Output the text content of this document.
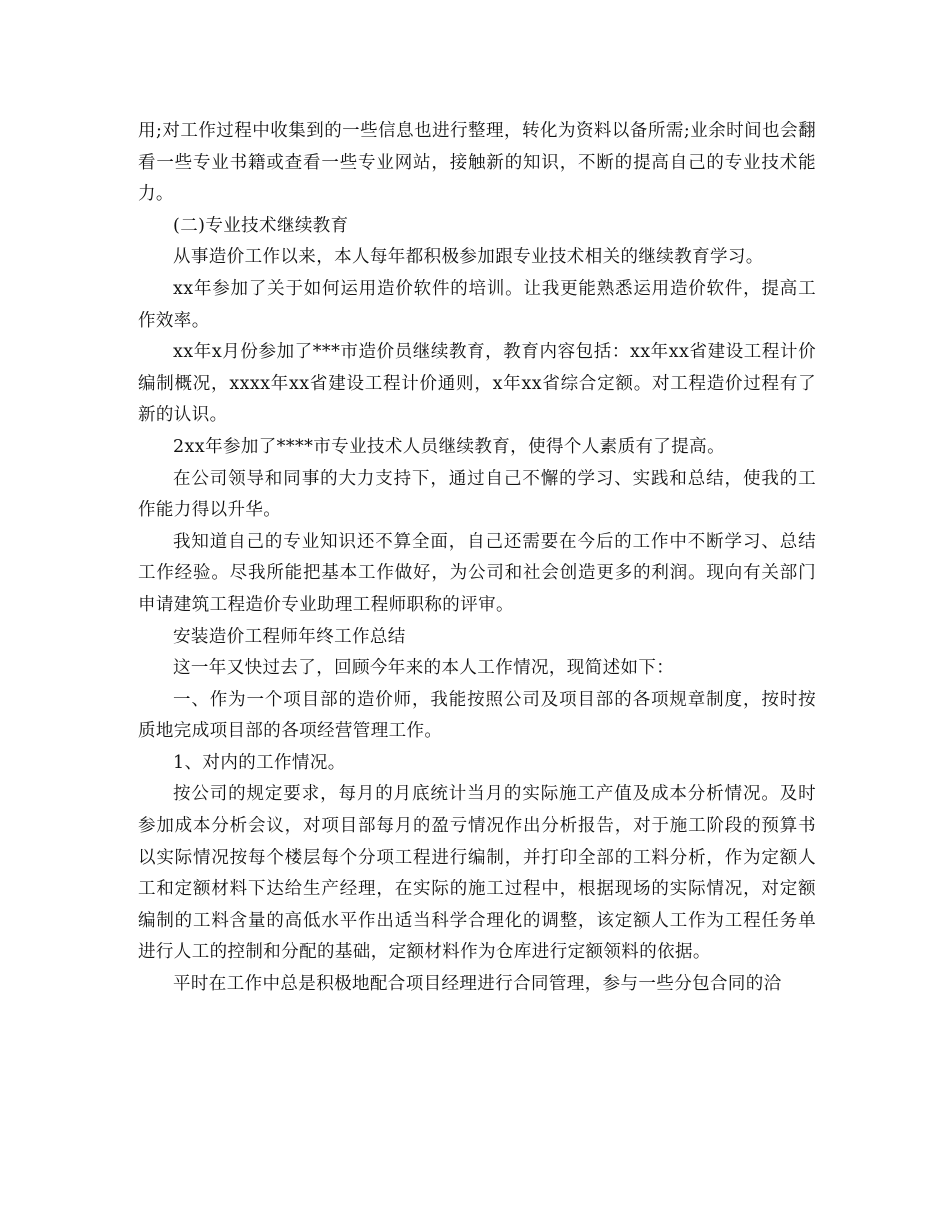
用;对工作过程中收集到的一些信息也进行整理，转化为资料以备所需;业余时间也会翻看一些专业书籍或查看一些专业网站，接触新的知识，不断的提高自己的专业技术能力。

(二)专业技术继续教育

从事造价工作以来，本人每年都积极参加跟专业技术相关的继续教育学习。

xx年参加了关于如何运用造价软件的培训。让我更能熟悉运用造价软件，提高工作效率。

xx年x月份参加了***市造价员继续教育，教育内容包括：xx年xx省建设工程计价编制概况，xxxx年xx省建设工程计价通则，x年xx省综合定额。对工程造价过程有了新的认识。

2xx年参加了****市专业技术人员继续教育，使得个人素质有了提高。

在公司领导和同事的大力支持下，通过自己不懈的学习、实践和总结，使我的工作能力得以升华。

我知道自己的专业知识还不算全面，自己还需要在今后的工作中不断学习、总结工作经验。尽我所能把基本工作做好，为公司和社会创造更多的利润。现向有关部门申请建筑工程造价专业助理工程师职称的评审。

安装造价工程师年终工作总结

这一年又快过去了，回顾今年来的本人工作情况，现简述如下：

一、作为一个项目部的造价师，我能按照公司及项目部的各项规章制度，按时按质地完成项目部的各项经营管理工作。

1、对内的工作情况。

按公司的规定要求，每月的月底统计当月的实际施工产值及成本分析情况。及时参加成本分析会议，对项目部每月的盈亏情况作出分析报告，对于施工阶段的预算书以实际情况按每个楼层每个分项工程进行编制，并打印全部的工料分析，作为定额人工和定额材料下达给生产经理，在实际的施工过程中，根据现场的实际情况，对定额编制的工料含量的高低水平作出适当科学合理化的调整，该定额人工作为工程任务单进行人工的控制和分配的基础，定额材料作为仓库进行定额领料的依据。

平时在工作中总是积极地配合项目经理进行合同管理，参与一些分包合同的洽
